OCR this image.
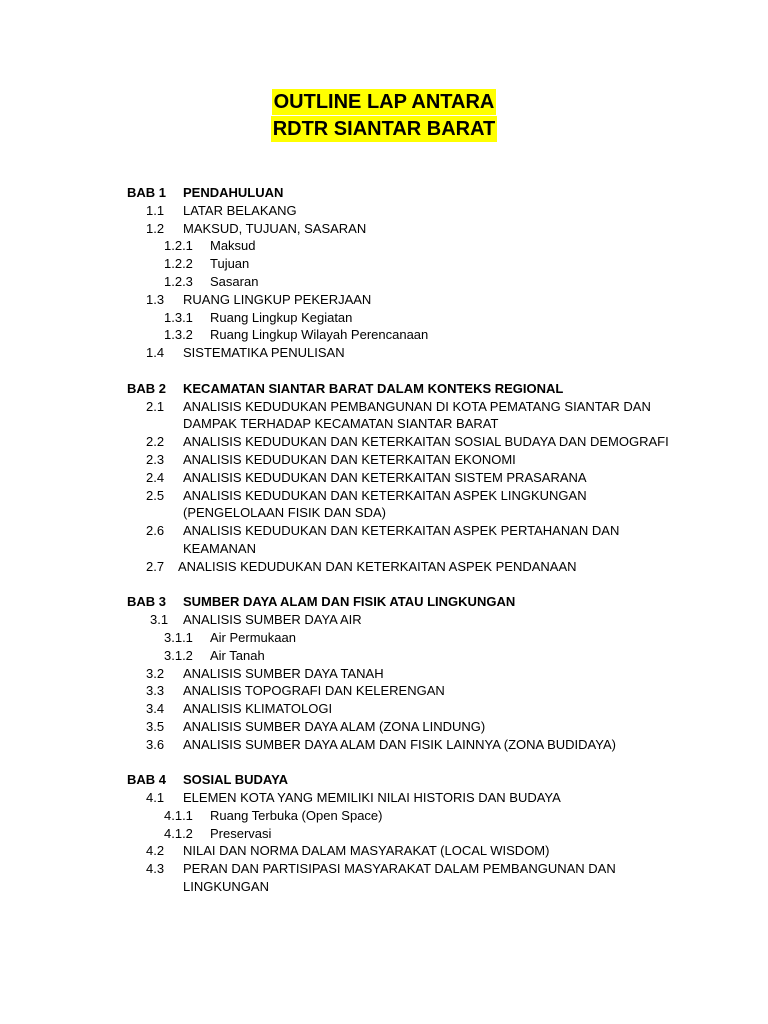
OUTLINE LAP ANTARA
RDTR SIANTAR BARAT
BAB 1 PENDAHULUAN
1.1 LATAR BELAKANG
1.2 MAKSUD, TUJUAN, SASARAN
1.2.1 Maksud
1.2.2 Tujuan
1.2.3 Sasaran
1.3 RUANG LINGKUP PEKERJAAN
1.3.1 Ruang Lingkup Kegiatan
1.3.2 Ruang Lingkup Wilayah Perencanaan
1.4 SISTEMATIKA PENULISAN
BAB 2 KECAMATAN SIANTAR BARAT DALAM KONTEKS REGIONAL
2.1 ANALISIS KEDUDUKAN PEMBANGUNAN DI KOTA PEMATANG SIANTAR DAN
DAMPAK TERHADAP KECAMATAN SIANTAR BARAT
2.2 ANALISIS KEDUDUKAN DAN KETERKAITAN SOSIAL BUDAYA DAN DEMOGRAFI
2.3 ANALISIS KEDUDUKAN DAN KETERKAITAN EKONOMI
2.4 ANALISIS KEDUDUKAN DAN KETERKAITAN SISTEM PRASARANA
2.5 ANALISIS KEDUDUKAN DAN KETERKAITAN ASPEK LINGKUNGAN
(PENGELOLAAN FISIK DAN SDA)
2.6 ANALISIS KEDUDUKAN DAN KETERKAITAN ASPEK PERTAHANAN DAN
KEAMANAN
2.7 ANALISIS KEDUDUKAN DAN KETERKAITAN ASPEK PENDANAAN
BAB 3 SUMBER DAYA ALAM DAN FISIK ATAU LINGKUNGAN
3.1 ANALISIS SUMBER DAYA AIR
3.1.1 Air Permukaan
3.1.2 Air Tanah
3.2 ANALISIS SUMBER DAYA TANAH
3.3 ANALISIS TOPOGRAFI DAN KELERENGAN
3.4 ANALISIS KLIMATOLOGI
3.5 ANALISIS SUMBER DAYA ALAM (ZONA LINDUNG)
3.6 ANALISIS SUMBER DAYA ALAM DAN FISIK LAINNYA (ZONA BUDIDAYA)
BAB 4 SOSIAL BUDAYA
4.1 ELEMEN KOTA YANG MEMILIKI NILAI HISTORIS DAN BUDAYA
4.1.1 Ruang Terbuka (Open Space)
4.1.2 Preservasi
4.2 NILAI DAN NORMA DALAM MASYARAKAT (LOCAL WISDOM)
4.3 PERAN DAN PARTISIPASI MASYARAKAT DALAM PEMBANGUNAN DAN
LINGKUNGAN
